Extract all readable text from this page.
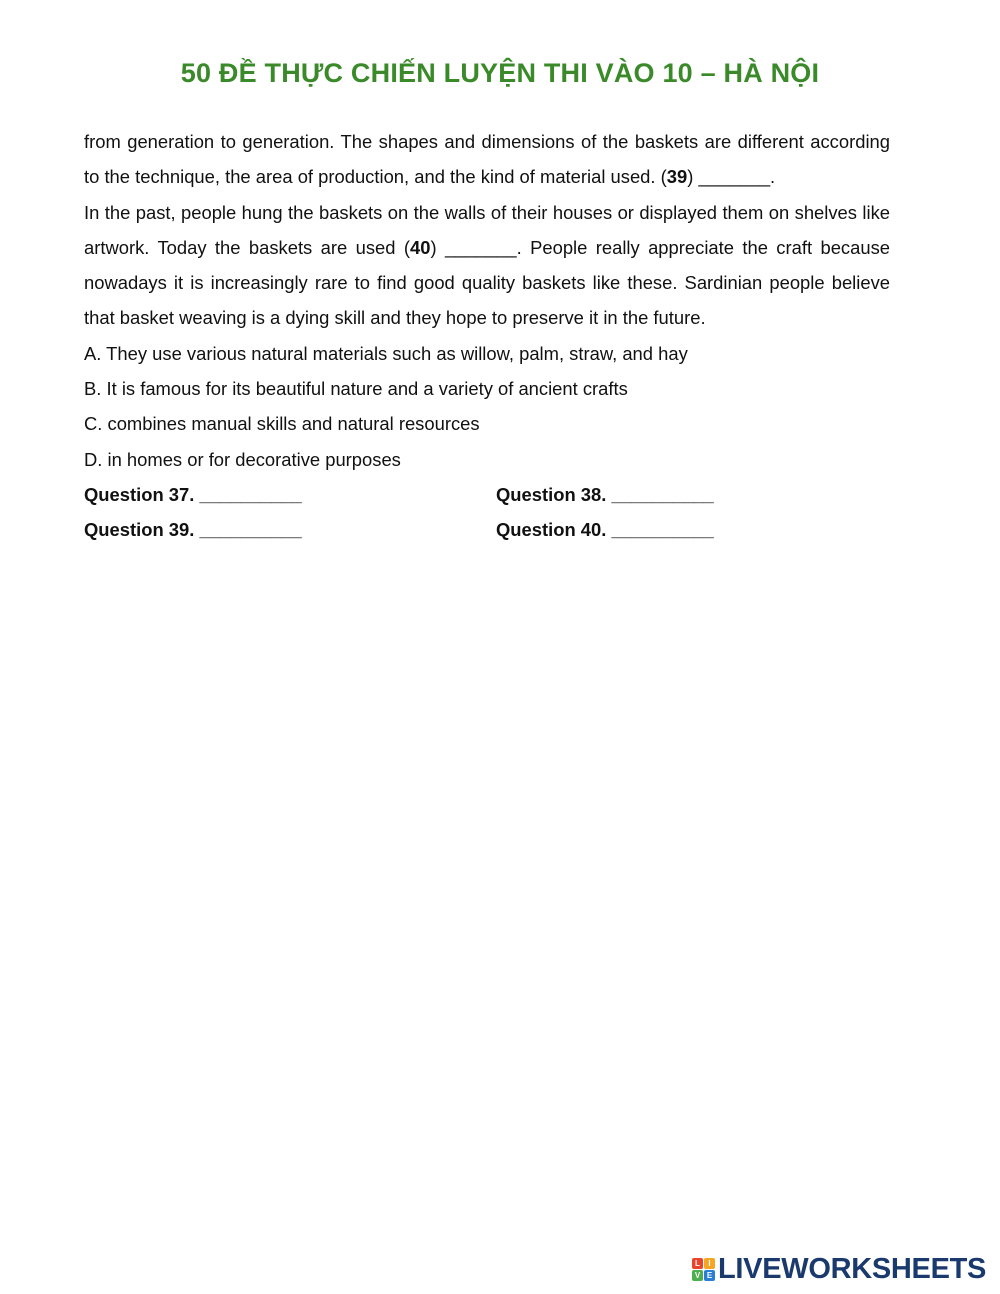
50 ĐỀ THỰC CHIẾN LUYỆN THI VÀO 10 – HÀ NỘI

from generation to generation. The shapes and dimensions of the baskets are different according to the technique, the area of production, and the kind of material used. (39) _______.

In the past, people hung the baskets on the walls of their houses or displayed them on shelves like artwork. Today the baskets are used (40) _______. People really appreciate the craft because nowadays it is increasingly rare to find good quality baskets like these. Sardinian people believe that basket weaving is a dying skill and they hope to preserve it in the future.

A. They use various natural materials such as willow, palm, straw, and hay

B. It is famous for its beautiful nature and a variety of ancient crafts

C. combines manual skills and natural resources

D. in homes or for decorative purposes

Question 37. __________	Question 38. __________
Question 39. __________	Question 40. __________
L	I
V E LIVEWORKSHEETS
